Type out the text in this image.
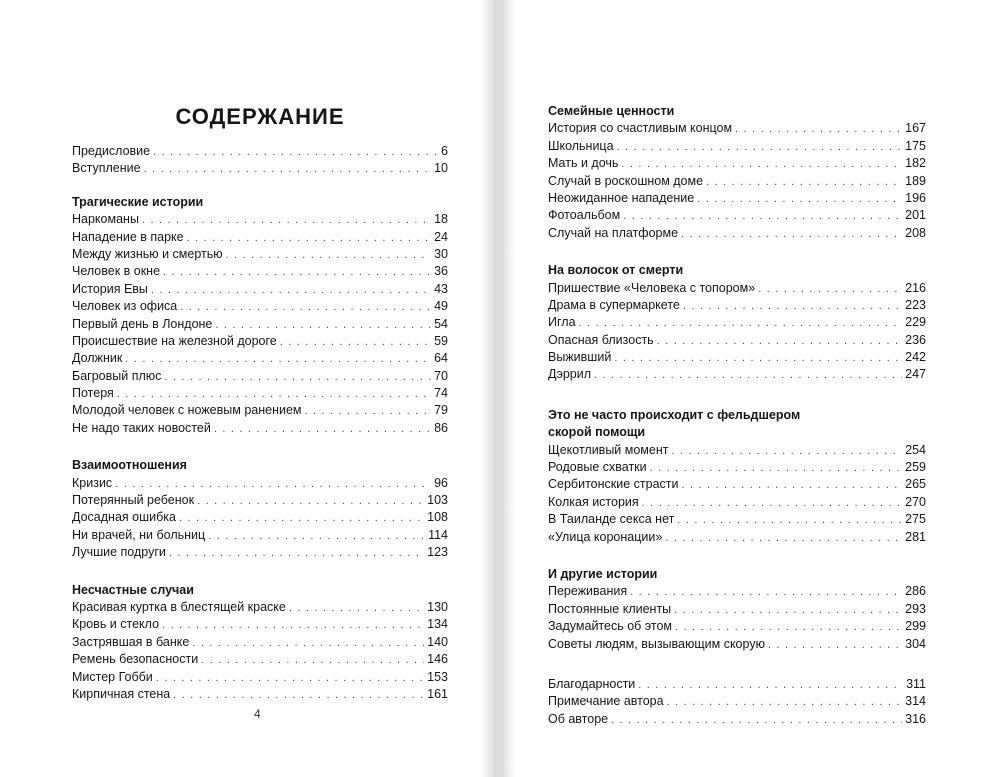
СОДЕРЖАНИЕ
Предисловие . . .	6
Вступление . . .	10
Трагические истории
Наркоманы . . .	18
Нападение в парке . . .	24
Между жизнью и смертью . . .	30
Человек в окне . . .	36
История Евы . . .	43
Человек из офиса . . .	49
Первый день в Лондоне . . .	54
Происшествие на железной дороге . . .	59
Должник . . .	64
Багровый плюс . . .	70
Потеря . . .	74
Молодой человек с ножевым ранением . . .	79
Не надо таких новостей . . .	86
Взаимоотношения
Кризис . . .	96
Потерянный ребенок . . .	103
Досадная ошибка . . .	108
Ни врачей, ни больниц . . .	114
Лучшие подруги . . .	123
Несчастные случаи
Красивая куртка в блестящей краске . . .	130
Кровь и стекло . . .	134
Застрявшая в банке . . .	140
Ремень безопасности . . .	146
Мистер Гобби . . .	153
Кирпичная стена . . .	161
4
Семейные ценности
История со счастливым концом . . .	167
Школьница . . .	175
Мать и дочь . . .	182
Случай в роскошном доме . . .	189
Неожиданное нападение . . .	196
Фотоальбом . . .	201
Случай на платформе . . .	208
На волосок от смерти
Пришествие «Человека с топором» . . .	216
Драма в супермаркете . . .	223
Игла . . .	229
Опасная близость . . .	236
Выживший . . .	242
Дэррил . . .	247
Это не часто происходит с фельдшером
скорой помощи
Щекотливый момент . . .	254
Родовые схватки . . .	259
Сербитонские страсти . . .	265
Колкая история . . .	270
В Таиланде секса нет . . .	275
«Улица коронации» . . .	281
И другие истории
Переживания . . .	286
Постоянные клиенты . . .	293
Задумайтесь об этом . . .	299
Советы людям, вызывающим скорую . . .	304
Благодарности . . .	311
Примечание автора . . .	314
Об авторе . . .	316
